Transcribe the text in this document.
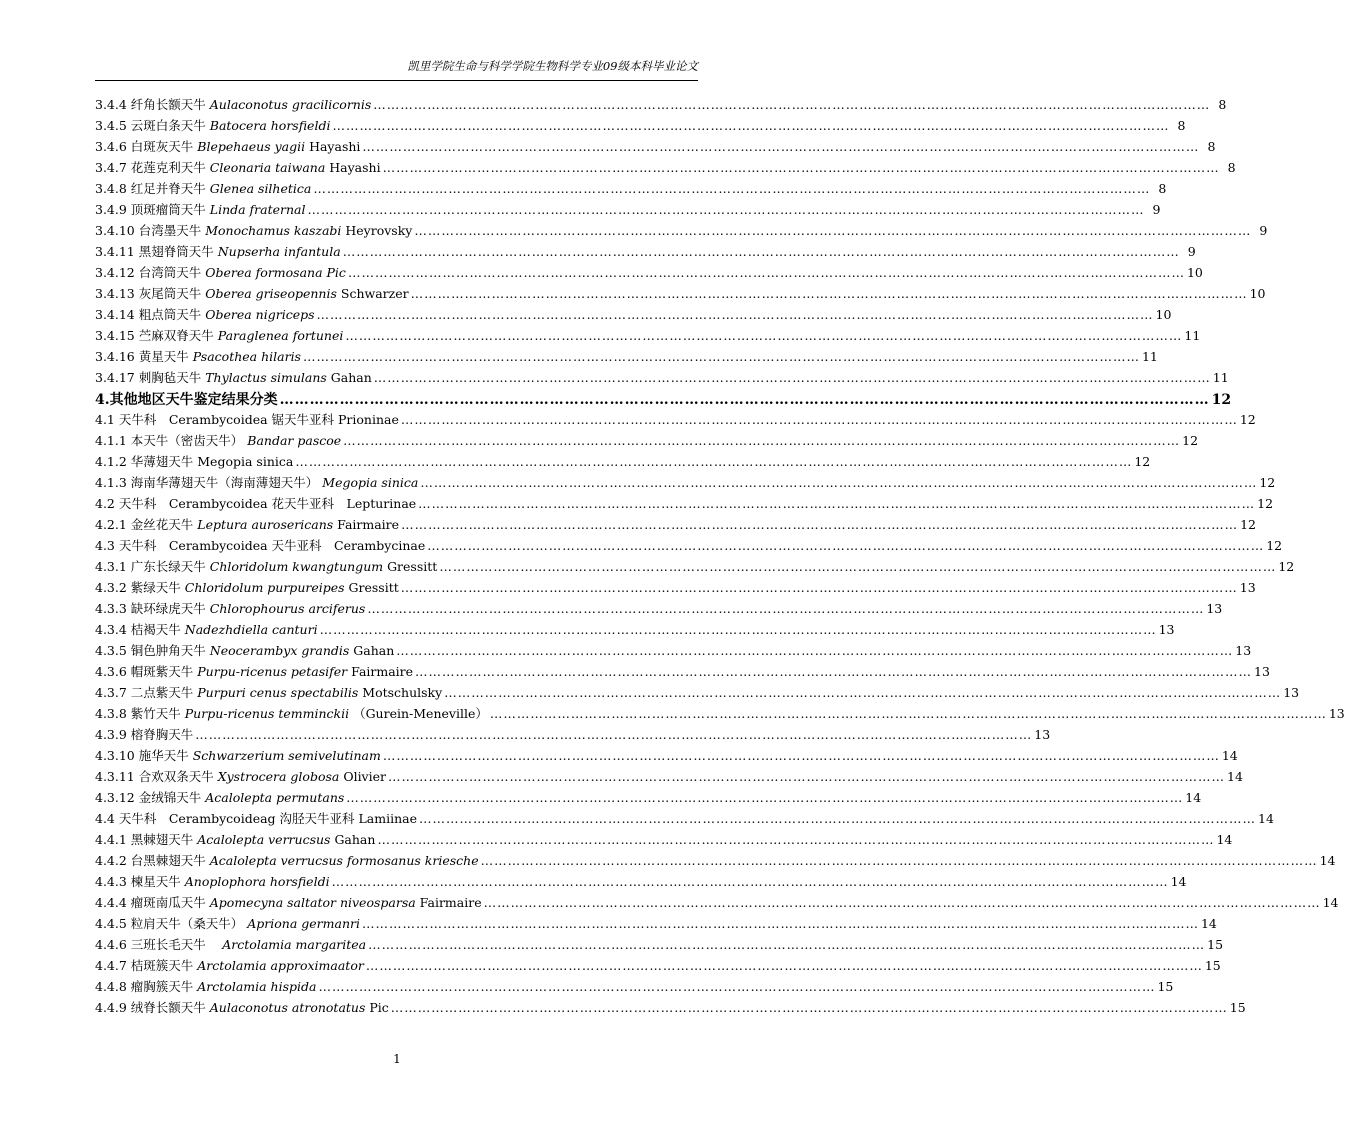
凯里学院生命与科学学院生物科学专业09级本科毕业论文
3.4.4 纤角长额天牛 Aulaconotus gracilicornis ……………………………………………………………………………………………………………………………………………………………………	8
3.4.5 云斑白条天牛 Batocera horsfieldi ……………………………………………………………………………………………………………………………………………………………………	8
3.4.6 白斑灰天牛 Blepehaeus yagii Hayashi ……………………………………………………………………………………………………………………………………………………………………	8
3.4.7 花莲克利天牛 Cleonaria taiwana Hayashi ……………………………………………………………………………………………………………………………………………………………………	8
3.4.8 红足并脊天牛 Glenea silhetica ……………………………………………………………………………………………………………………………………………………………………	8
3.4.9 顶斑瘤筒天牛 Linda fraternal ……………………………………………………………………………………………………………………………………………………………………	9
3.4.10 台湾墨天牛 Monochamus kaszabi Heyrovsky ……………………………………………………………………………………………………………………………………………………………………	9
3.4.11 黑翅脊筒天牛 Nupserha infantula ……………………………………………………………………………………………………………………………………………………………………	9
3.4.12 台湾筒天牛 Oberea formosana Pic ……………………………………………………………………………………………………………………………………………………………………	10
3.4.13 灰尾筒天牛 Oberea griseopennis Schwarzer ……………………………………………………………………………………………………………………………………………………………………	10
3.4.14 粗点筒天牛 Oberea nigriceps ……………………………………………………………………………………………………………………………………………………………………	10
3.4.15 苎麻双脊天牛 Paraglenea fortunei ……………………………………………………………………………………………………………………………………………………………………	11
3.4.16 黄星天牛 Psacothea hilaris ……………………………………………………………………………………………………………………………………………………………………	11
3.4.17 刺胸毡天牛 Thylactus simulans Gahan ……………………………………………………………………………………………………………………………………………………………………	11
4.其他地区天牛鉴定结果分类 ……………………………………………………………………………………………………………………………………………………………………	12
4.1 天牛科　Cerambycoidea 锯天牛亚科 Prioninae ……………………………………………………………………………………………………………………………………………………………………	12
4.1.1 本天牛（密齿天牛） Bandar pascoe ……………………………………………………………………………………………………………………………………………………………………	12
4.1.2 华薄翅天牛 Megopia sinica ……………………………………………………………………………………………………………………………………………………………………	12
4.1.3 海南华薄翅天牛（海南薄翅天牛） Megopia sinica ……………………………………………………………………………………………………………………………………………………………………	12
4.2 天牛科　Cerambycoidea 花天牛亚科　Lepturinae ……………………………………………………………………………………………………………………………………………………………………	12
4.2.1 金丝花天牛 Leptura aurosericans Fairmaire ……………………………………………………………………………………………………………………………………………………………………	12
4.3 天牛科　Cerambycoidea 天牛亚科　Cerambycinae ……………………………………………………………………………………………………………………………………………………………………	12
4.3.1 广东长绿天牛 Chloridolum kwangtungum Gressitt ……………………………………………………………………………………………………………………………………………………………………	12
4.3.2 紫绿天牛 Chloridolum purpureipes Gressitt ……………………………………………………………………………………………………………………………………………………………………	13
4.3.3 缺环绿虎天牛 Chlorophourus arciferus ……………………………………………………………………………………………………………………………………………………………………	13
4.3.4 桔褐天牛 Nadezhdiella canturi ……………………………………………………………………………………………………………………………………………………………………	13
4.3.5 铜色肿角天牛 Neocerambyx grandis Gahan ……………………………………………………………………………………………………………………………………………………………………	13
4.3.6 帽斑紫天牛 Purpu-ricenus petasifer Fairmaire ……………………………………………………………………………………………………………………………………………………………………	13
4.3.7 二点紫天牛 Purpuri cenus spectabilis Motschulsky ……………………………………………………………………………………………………………………………………………………………………	13
4.3.8 紫竹天牛 Purpu-ricenus temminckii （Gurein-Meneville） ……………………………………………………………………………………………………………………………………………………………………	13
4.3.9 榕脊胸天牛 ……………………………………………………………………………………………………………………………………………………………………	13
4.3.10 施华天牛 Schwarzerium semivelutinam ……………………………………………………………………………………………………………………………………………………………………	14
4.3.11 合欢双条天牛 Xystrocera globosa Olivier ……………………………………………………………………………………………………………………………………………………………………	14
4.3.12 金绒锦天牛 Acalolepta permutans ……………………………………………………………………………………………………………………………………………………………………	14
4.4 天牛科　Cerambycoideag 沟胫天牛亚科 Lamiinae ……………………………………………………………………………………………………………………………………………………………………	14
4.4.1 黑棘翅天牛 Acalolepta verrucsus Gahan ……………………………………………………………………………………………………………………………………………………………………	14
4.4.2 台黑棘翅天牛 Acalolepta verrucsus formosanus kriesche ……………………………………………………………………………………………………………………………………………………………………	14
4.4.3 楝星天牛 Anoplophora horsfieldi ……………………………………………………………………………………………………………………………………………………………………	14
4.4.4 瘤斑南瓜天牛 Apomecyna saltator niveosparsa Fairmaire ……………………………………………………………………………………………………………………………………………………………………	14
4.4.5 粒肩天牛（桑天牛） Apriona germanri ……………………………………………………………………………………………………………………………………………………………………	14
4.4.6 三班长毛天牛　 Arctolamia margaritea ……………………………………………………………………………………………………………………………………………………………………	15
4.4.7 桔斑簇天牛 Arctolamia approximaator ……………………………………………………………………………………………………………………………………………………………………	15
4.4.8 瘤胸簇天牛 Arctolamia hispida ……………………………………………………………………………………………………………………………………………………………………	15
4.4.9 绒脊长额天牛 Aulaconotus atronotatus Pic ……………………………………………………………………………………………………………………………………………………………………	15
1
